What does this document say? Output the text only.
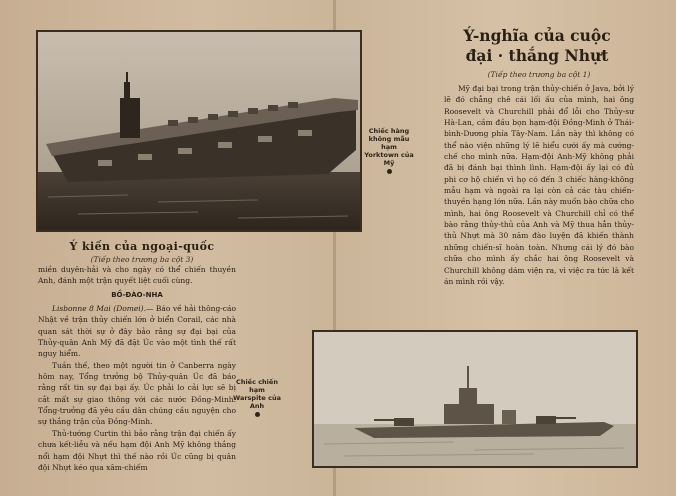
Chiếc hàng không mẫu hạm Yorktown của Mỹ
Ý-nghĩa của cuộc
đại · thắng Nhựt
(Tiếp theo trương ba cột 1)
Mỹ đại bại trong trận thủy-chiến ở Java, bởi lý lẽ đó chẳng chê cái lối ấu của mình, hai ông Roosevelt và Churchill phải đổ lỗi cho Thủy-sư Hà-Lan, cầm đầu bọn hạm-đội Đồng-Minh ở Thái-bình-Dương phía Tây-Nam. Lần này thì không có thể nào viện những lý lẽ hiểu cưới ấy mà cướng-chế cho mình nữa. Hạm-đội Anh-Mỹ không phải đã bị đánh bại thình lình. Hạm-đội ấy lại có đủ phi cơ hộ chiến vì họ có đến 3 chiếc hàng-không mẫu hạm và ngoài ra lại còn cả các tàu chiến-thuyền hạng lớn nữa. Lần này muốn bào chữa cho mình, hai ông Roosevelt và Churchill chỉ có thể bào rằng thủy-thủ của Anh và Mỹ thua hẳn thủy-thủ Nhựt mà 30 năm đào luyện đã khiến thành những chiến-sĩ hoàn toàn. Nhưng cái lý đó bào chữa cho mình ấy chắc hai ông Roosevelt và Churchill không dám viện ra, vì việc ra tức là kết án mình rồi vậy.
Ý kiến của ngoại-quốc
(Tiếp theo trương ba cột 3)
miền duyên-hải và cho ngày có thể chiến thuyền Anh, đánh một trận quyết liệt cuối cùng.
BỒ-ĐÀO-NHA
Lisbonne 8 Mai (Domei).— Báo về hải thông-cáo Nhật về trận thủy chiến lớn ở biển Corail, các nhà quan sát thời sự ở đây bảo rằng sự đại bại của Thủy-quân Anh Mỹ đã đặt Úc vào một tình thế rất nguy hiểm.
Tuần thế, theo một người tin ở Canberra ngày hôm nay, Tổng trưởng bộ Thủy-quân Úc đã báo rằng rất tin sự đại bại ấy. Úc phải lo cải lực sẽ bị cắt mất sự giao thông với các nước Đồng-Minh. Tổng-trưởng đã yêu cầu dân chúng cầu nguyện cho sự thắng trận của Đồng-Minh.
Thủ-tướng Curtin thì bảo rằng trận đại chiến ấy chưa kết-liễu và nếu hạm đội Anh Mỹ không thắng nổi hạm đội Nhựt thì thế nào rồi Úc cũng bị quân đội Nhựt kéo qua xâm-chiếm
Chiếc chiến hạm Warspite của Anh
